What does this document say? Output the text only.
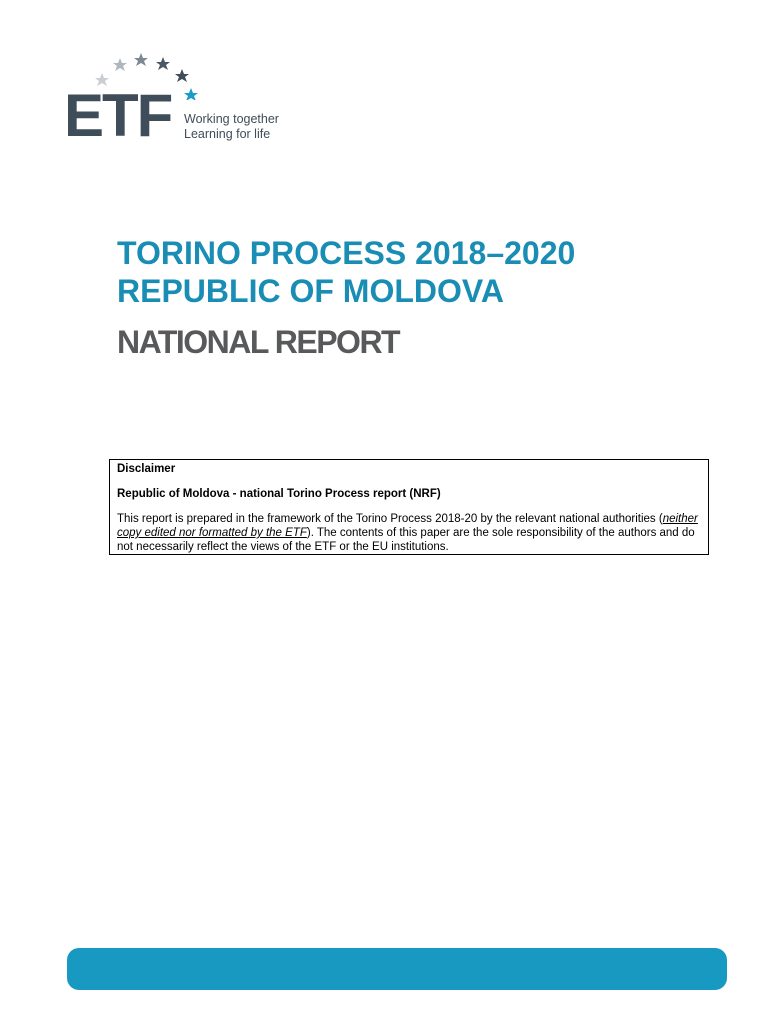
ETF Working together
Learning for life
TORINO PROCESS 2018–2020
REPUBLIC OF MOLDOVA
NATIONAL REPORT

Disclaimer

Republic of Moldova - national Torino Process report (NRF)

This report is prepared in the framework of the Torino Process 2018-20 by the relevant national authorities (neither copy edited nor formatted by the ETF). The contents of this paper are the sole responsibility of the authors and do not necessarily reflect the views of the ETF or the EU institutions.
